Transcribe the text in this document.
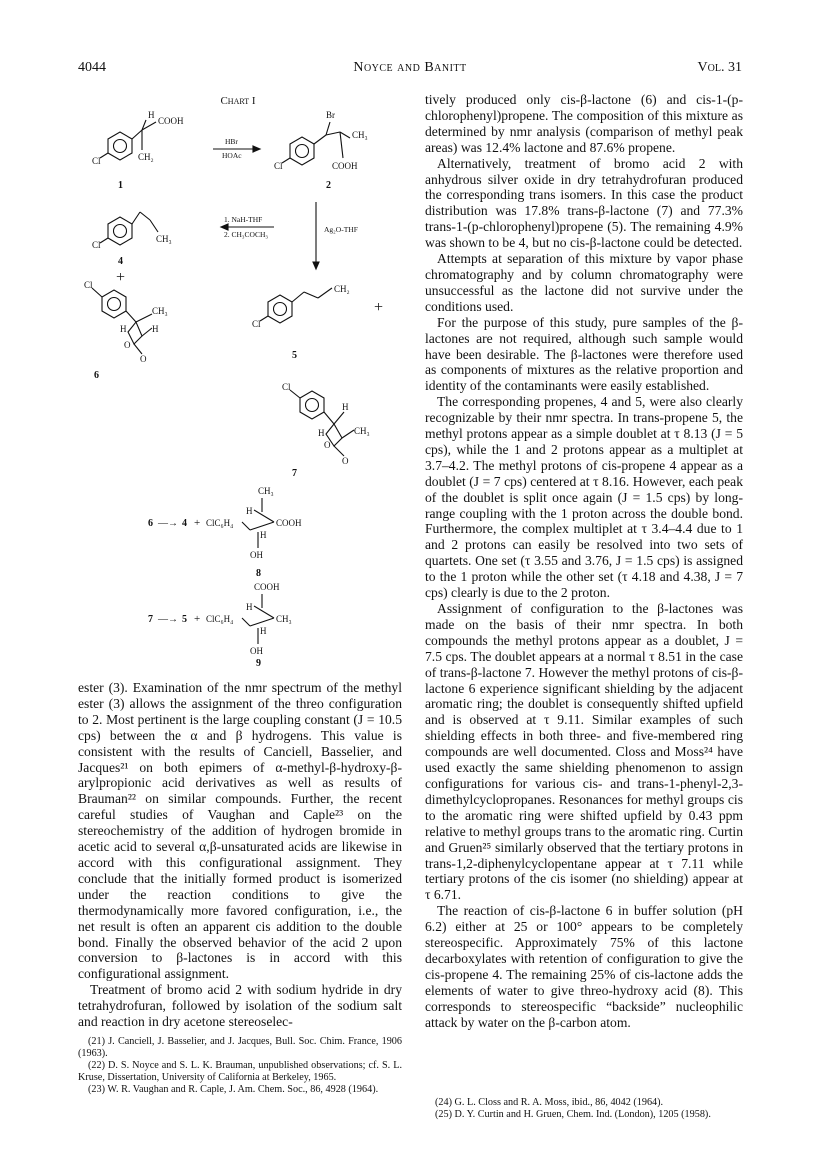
4044	Noyce and Banitt	Vol. 31
Chart I
Cl
H
COOH
CH₂
1
HBr
HOAc
Br
CH₃
COOH
Cl
2
Cl
CH₃
4
+
1. NaH-THF
2. CH₃COCH₃
Ag₂O-THF
Cl
CH₃
H	H
O
O
6
Cl
CH₂
+
5
Cl
H
H	CH₃
O
O
7
6 —→ 4 + ClC₆H₄
CH₃
H
COOH
H
OH
8
7 —→ 5 + ClC₆H₄
COOH
H
CH₃
H
OH
9

ester (3). Examination of the nmr spectrum of the methyl ester (3) allows the assignment of the threo configuration to 2. Most pertinent is the large coupling constant (J = 10.5 cps) between the α and β hydrogens. This value is consistent with the results of Canciell, Basselier, and Jacques²¹ on both epimers of α-methyl-β-hydroxy-β-arylpropionic acid derivatives as well as results of Brauman²² on similar compounds. Further, the recent careful studies of Vaughan and Caple²³ on the stereochemistry of the addition of hydrogen bromide in acetic acid to several α,β-unsaturated acids are likewise in accord with this configurational assignment. They conclude that the initially formed product is isomerized under the reaction conditions to give the thermodynamically more favored configuration, i.e., the net result is often an apparent cis addition to the double bond. Finally the observed behavior of the acid 2 upon conversion to β-lactones is in accord with this configurational assignment.

Treatment of bromo acid 2 with sodium hydride in dry tetrahydrofuran, followed by isolation of the sodium salt and reaction in dry acetone stereoselec-

(21) J. Canciell, J. Basselier, and J. Jacques, Bull. Soc. Chim. France, 1906 (1963).
(22) D. S. Noyce and S. L. K. Brauman, unpublished observations; cf. S. L. Kruse, Dissertation, University of California at Berkeley, 1965.
(23) W. R. Vaughan and R. Caple, J. Am. Chem. Soc., 86, 4928 (1964).

tively produced only cis-β-lactone (6) and cis-1-(p-chlorophenyl)propene. The composition of this mixture as determined by nmr analysis (comparison of methyl peak areas) was 12.4% lactone and 87.6% propene.

Alternatively, treatment of bromo acid 2 with anhydrous silver oxide in dry tetrahydrofuran produced the corresponding trans isomers. In this case the product distribution was 17.8% trans-β-lactone (7) and 77.3% trans-1-(p-chlorophenyl)propene (5). The remaining 4.9% was shown to be 4, but no cis-β-lactone could be detected.

Attempts at separation of this mixture by vapor phase chromatography and by column chromatography were unsuccessful as the lactone did not survive under the conditions used.

For the purpose of this study, pure samples of the β-lactones are not required, although such sample would have been desirable. The β-lactones were therefore used as components of mixtures as the relative proportion and identity of the contaminants were easily established.

The corresponding propenes, 4 and 5, were also clearly recognizable by their nmr spectra. In trans-propene 5, the methyl protons appear as a simple doublet at τ 8.13 (J = 5 cps), while the 1 and 2 protons appear as a multiplet at 3.7–4.2. The methyl protons of cis-propene 4 appear as a doublet (J = 7 cps) centered at τ 8.16. However, each peak of the doublet is split once again (J = 1.5 cps) by long-range coupling with the 1 proton across the double bond. Furthermore, the complex multiplet at τ 3.4–4.4 due to 1 and 2 protons can easily be resolved into two sets of quartets. One set (τ 3.55 and 3.76, J = 1.5 cps) is assigned to the 1 proton while the other set (τ 4.18 and 4.38, J = 7 cps) clearly is due to the 2 proton.

Assignment of configuration to the β-lactones was made on the basis of their nmr spectra. In both compounds the methyl protons appear as a doublet, J = 7.5 cps. The doublet appears at a normal τ 8.51 in the case of trans-β-lactone 7. However the methyl protons of cis-β-lactone 6 experience significant shielding by the adjacent aromatic ring; the doublet is consequently shifted upfield and is observed at τ 9.11. Similar examples of such shielding effects in both three- and five-membered ring compounds are well documented. Closs and Moss²⁴ have used exactly the same shielding phenomenon to assign configurations for various cis- and trans-1-phenyl-2,3-dimethylcyclopropanes. Resonances for methyl groups cis to the aromatic ring were shifted upfield by 0.43 ppm relative to methyl groups trans to the aromatic ring. Curtin and Gruen²⁵ similarly observed that the tertiary protons in trans-1,2-diphenylcyclopentane appear at τ 7.11 while tertiary protons of the cis isomer (no shielding) appear at τ 6.71.

The reaction of cis-β-lactone 6 in buffer solution (pH 6.2) either at 25 or 100° appears to be completely stereospecific. Approximately 75% of this lactone decarboxylates with retention of configuration to give the cis-propene 4. The remaining 25% of cis-lactone adds the elements of water to give threo-hydroxy acid (8). This corresponds to stereospecific “backside” nucleophilic attack by water on the β-carbon atom.

(24) G. L. Closs and R. A. Moss, ibid., 86, 4042 (1964).
(25) D. Y. Curtin and H. Gruen, Chem. Ind. (London), 1205 (1958).
